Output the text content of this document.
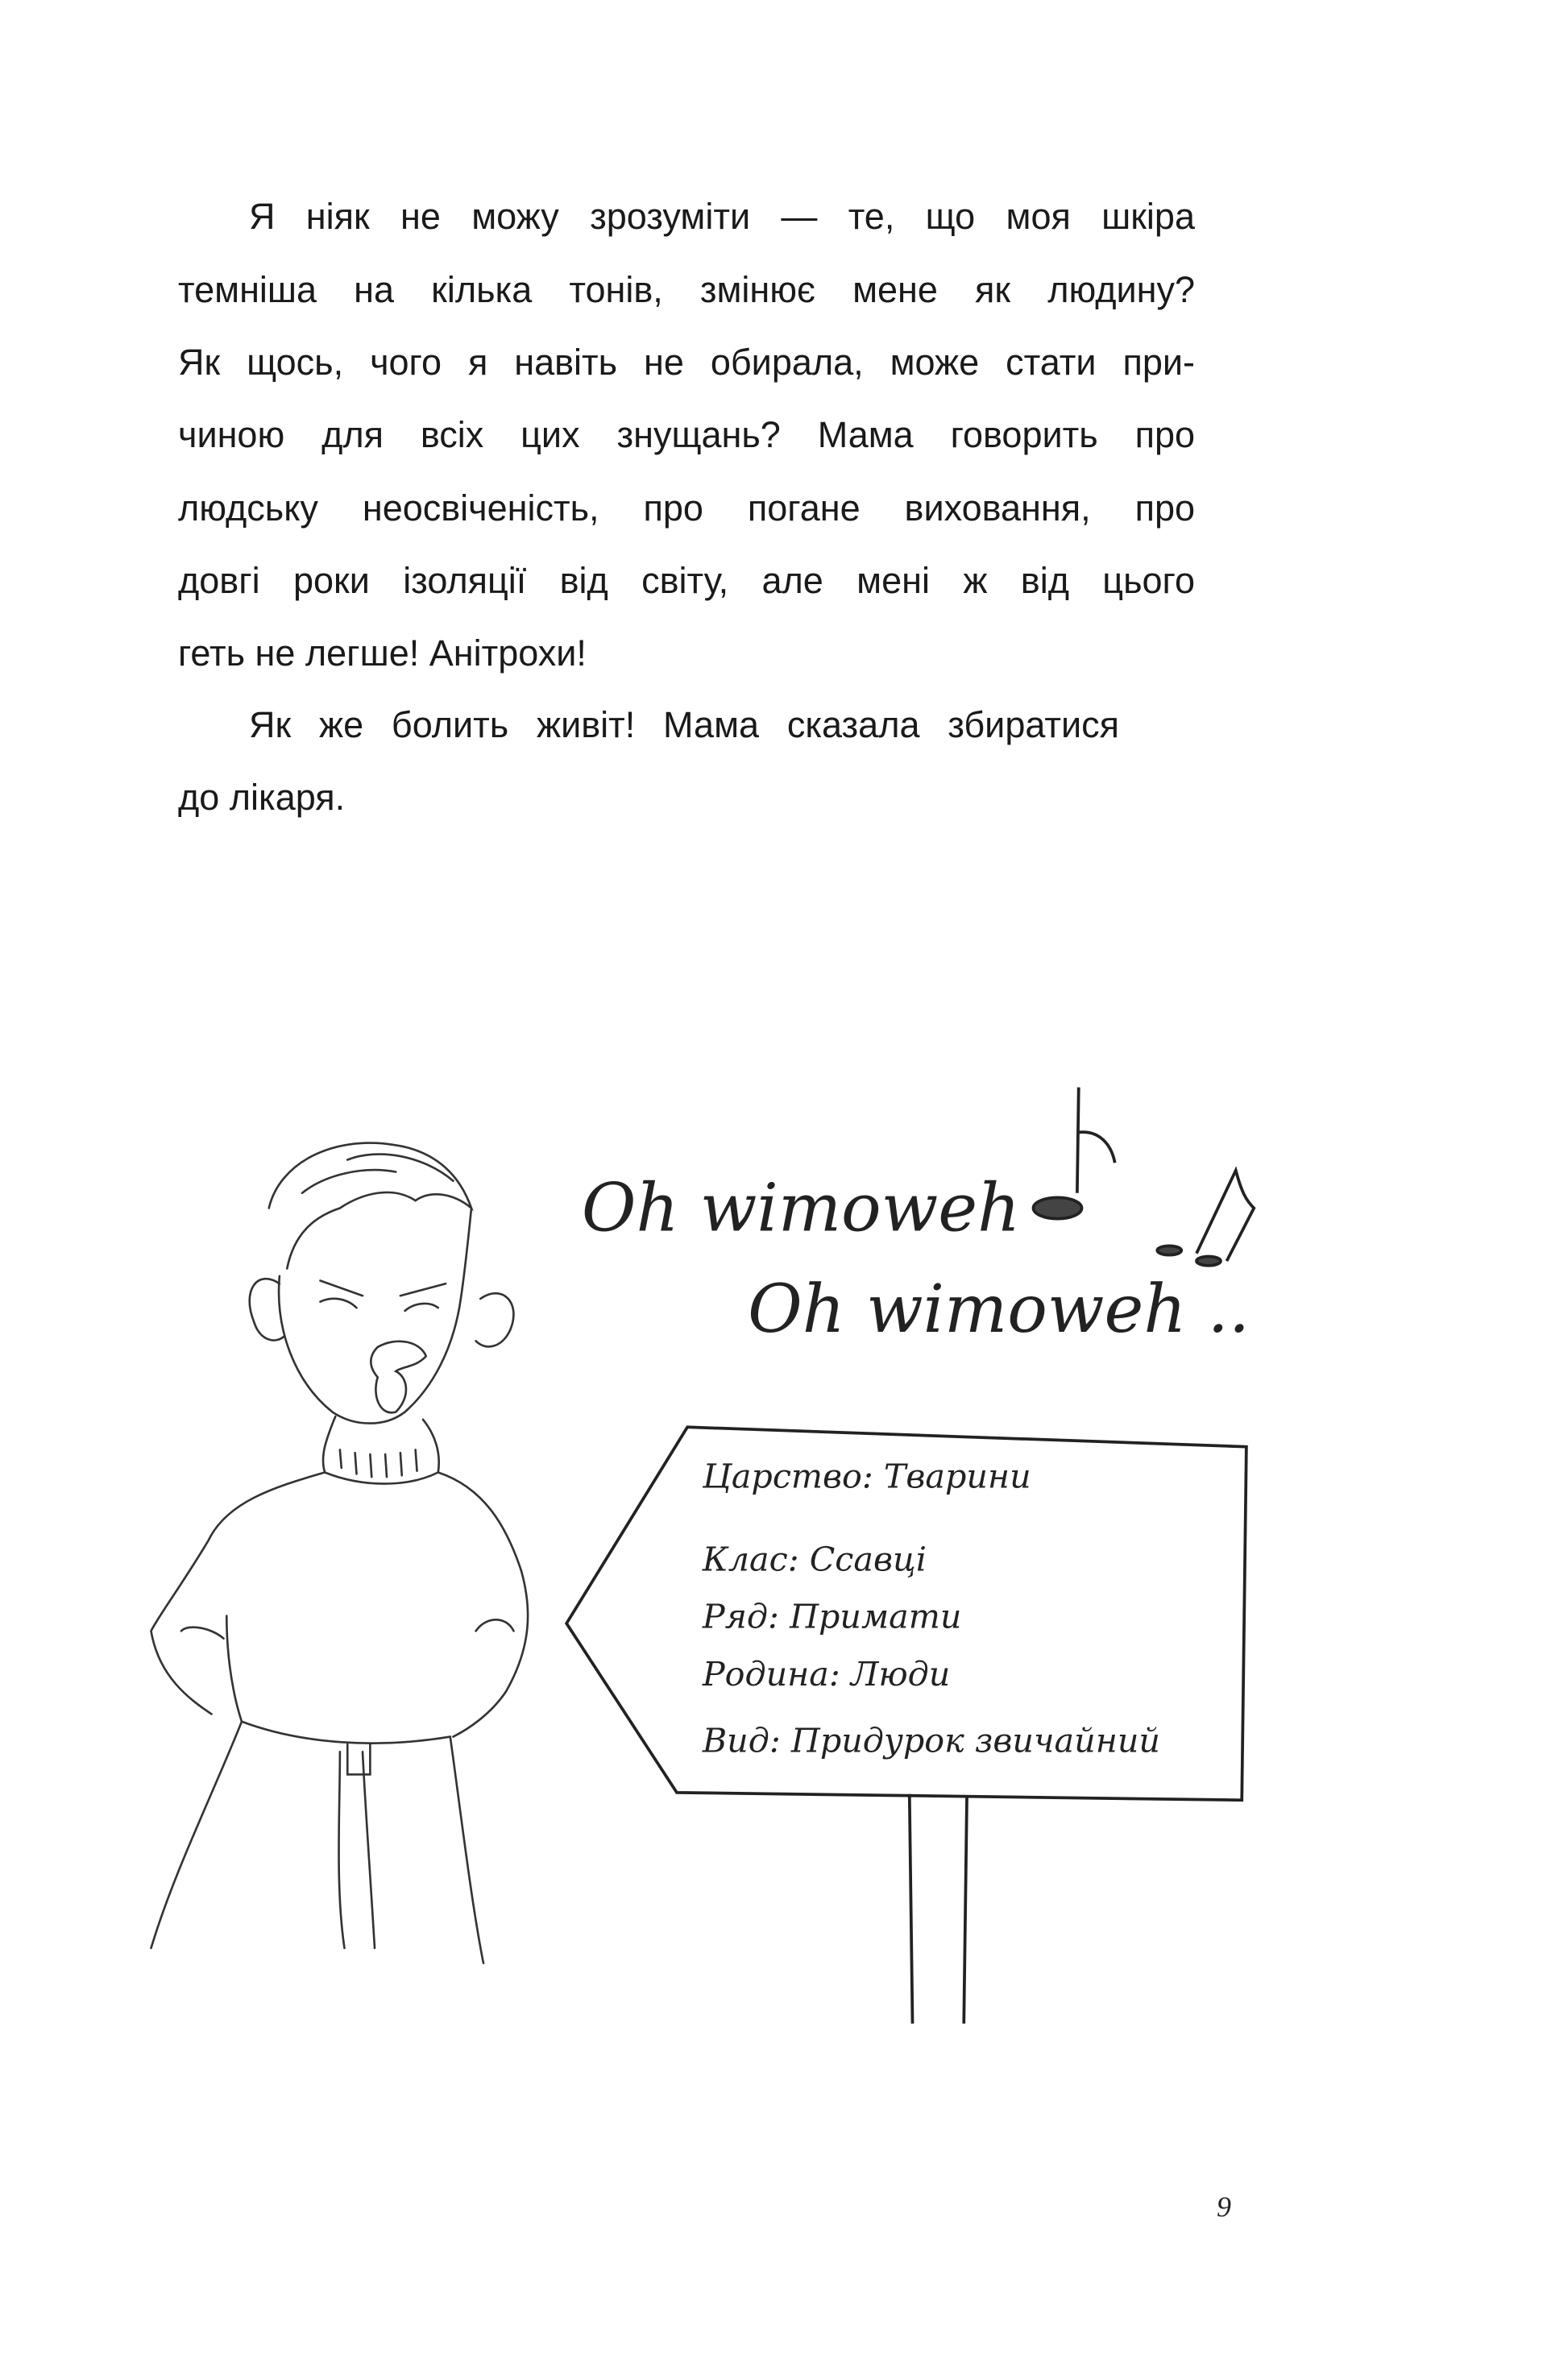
Я ніяк не можу зрозуміти — те, що моя шкіра
темніша на кілька тонів, змінює мене як людину?
Як щось, чого я навіть не обирала, може стати при-
чиною для всіх цих знущань? Мама говорить про
людську неосвіченість, про погане виховання, про
довгі роки ізоляції від світу, але мені ж від цього
геть не легше! Анітрохи!
Як же болить живіт! Мама сказала збиратися
до лікаря.
Oh wimoweh
Oh wimoweh ..
Царство: Тварини
Клас: Ссавці
Ряд: Примати
Родина: Люди
Вид: Придурок звичайний
9
